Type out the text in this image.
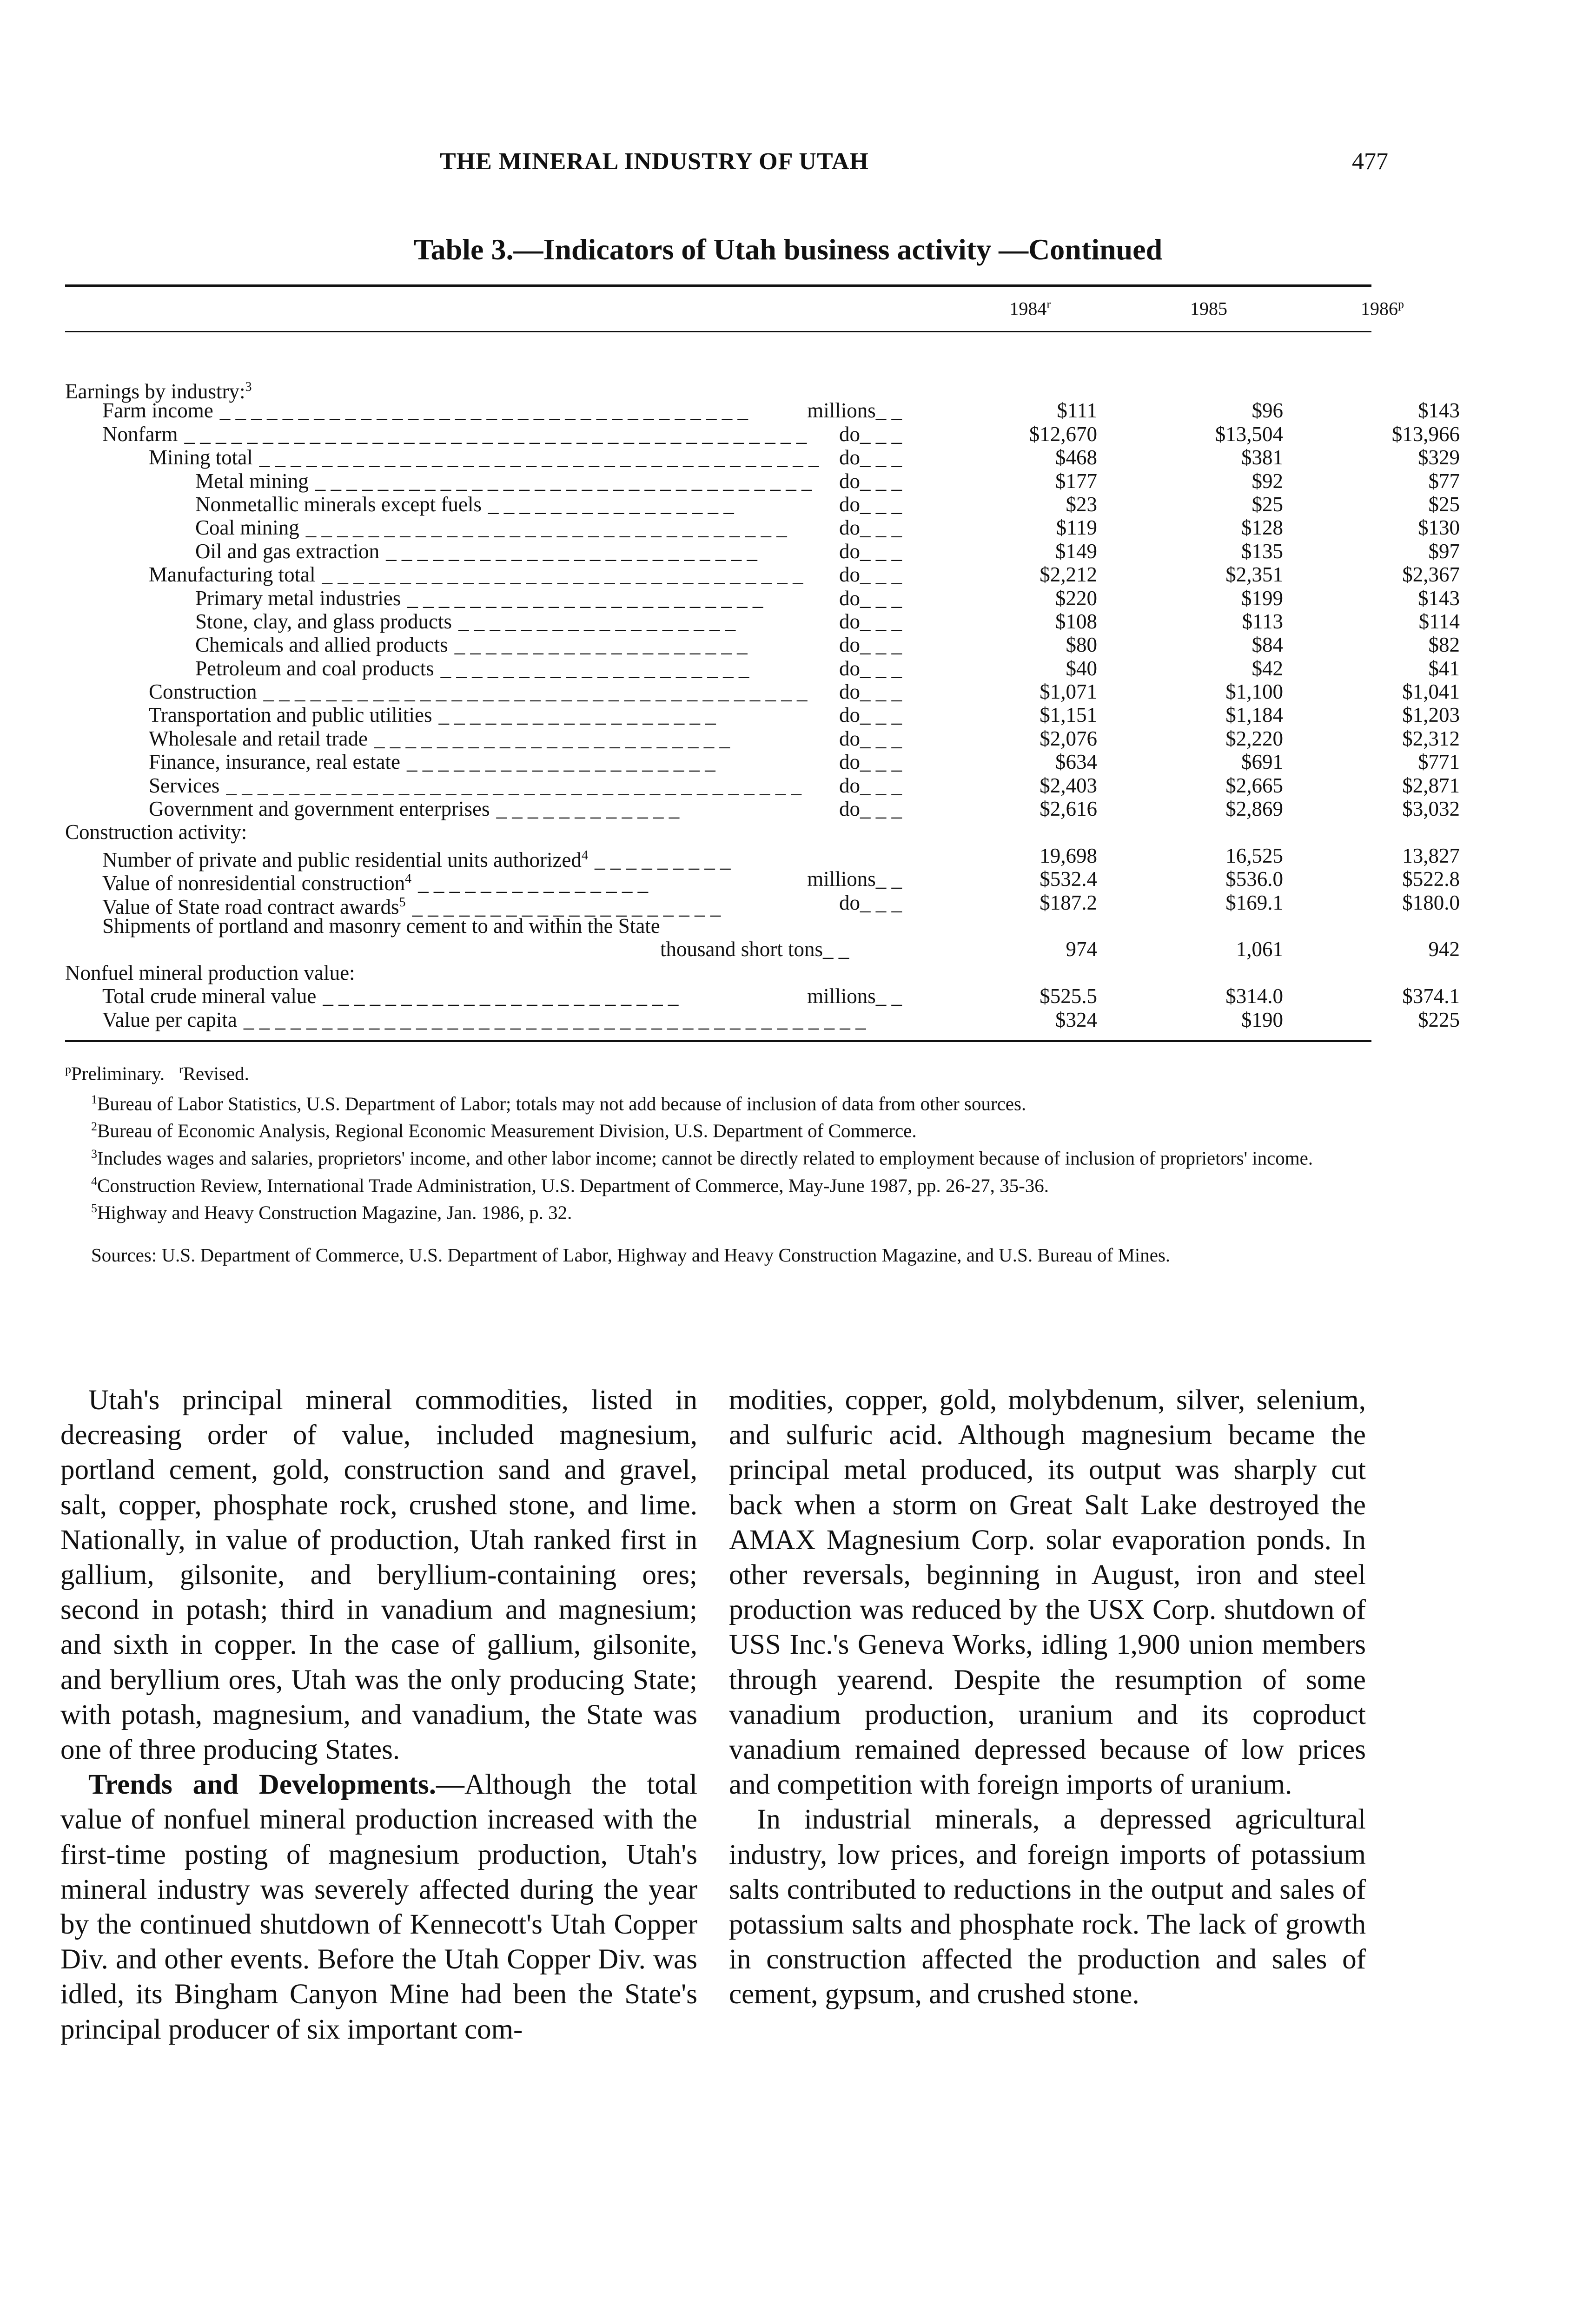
THE MINERAL INDUSTRY OF UTAH	477
Table 3.—Indicators of Utah business activity —Continued
1984$^r$	1985	1986$^p$
Earnings by industry:$^3$
Farm income _ _ _ _ _ _ _ _ _ _ _ _ _ _ _ _ _ _ _ _ _ _ _ _ _ _ _ _ _ _ _ _ _ _	millions_ _	$111	$96	$143
Nonfarm _ _ _ _ _ _ _ _ _ _ _ _ _ _ _ _ _ _ _ _ _ _ _ _ _ _ _ _ _ _ _ _ _ _ _ _ _ _ _ _ do_ _ _	$12,670	$13,504	$13,966
Mining total _ _ _ _ _ _ _ _ _ _ _ _ _ _ _ _ _ _ _ _ _ _ _ _ _ _ _ _ _ _ _ _ _ _ _ _ do_ _ _	$468	$381	$329
Metal mining _ _ _ _ _ _ _ _ _ _ _ _ _ _ _ _ _ _ _ _ _ _ _ _ _ _ _ _ _ _ _ _ do_ _ _	$177	$92	$77
Nonmetallic minerals except fuels _ _ _ _ _ _ _ _ _ _ _ _ _ _ _ _	do_ _ _	$23	$25	$25
Coal mining _ _ _ _ _ _ _ _ _ _ _ _ _ _ _ _ _ _ _ _ _ _ _ _ _ _ _ _ _ _ _ do_ _ _	$119	$128	$130
Oil and gas extraction _ _ _ _ _ _ _ _ _ _ _ _ _ _ _ _ _ _ _ _ _ _ _ _	do_ _ _	$149	$135	$97
Manufacturing total _ _ _ _ _ _ _ _ _ _ _ _ _ _ _ _ _ _ _ _ _ _ _ _ _ _ _ _ _ _ _ do_ _ _	$2,212	$2,351	$2,367
Primary metal industries _ _ _ _ _ _ _ _ _ _ _ _ _ _ _ _ _ _ _ _ _ _ _	do_ _ _	$220	$199	$143
Stone, clay, and glass products _ _ _ _ _ _ _ _ _ _ _ _ _ _ _ _ _ _	do_ _ _	$108	$113	$114
Chemicals and allied products _ _ _ _ _ _ _ _ _ _ _ _ _ _ _ _ _ _ _	do_ _ _	$80	$84	$82
Petroleum and coal products _ _ _ _ _ _ _ _ _ _ _ _ _ _ _ _ _ _ _ _	do_ _ _	$40	$42	$41
Construction _ _ _ _ _ _ _ _ _ _ _ _ _ _ _ _ _ _ _ _ _ _ _ _ _ _ _ _ _ _ _ _ _ _ _ do_ _ _	$1,071	$1,100	$1,041
Transportation and public utilities _ _ _ _ _ _ _ _ _ _ _ _ _ _ _ _ _ _	do_ _ _	$1,151	$1,184	$1,203
Wholesale and retail trade _ _ _ _ _ _ _ _ _ _ _ _ _ _ _ _ _ _ _ _ _ _ _	do_ _ _	$2,076	$2,220	$2,312
Finance, insurance, real estate _ _ _ _ _ _ _ _ _ _ _ _ _ _ _ _ _ _ _ _	do_ _ _	$634	$691	$771
Services _ _ _ _ _ _ _ _ _ _ _ _ _ _ _ _ _ _ _ _ _ _ _ _ _ _ _ _ _ _ _ _ _ _ _ _ _ do_ _ _	$2,403	$2,665	$2,871
Government and government enterprises _ _ _ _ _ _ _ _ _ _ _ _	do_ _ _	$2,616	$2,869	$3,032
Construction activity:
Number of private and public residential units authorized$^4$ _ _ _ _ _ _ _ _ _	19,698	16,525	13,827
Value of nonresidential construction$^4$ _ _ _ _ _ _ _ _ _ _ _ _ _ _ _	millions_ _	$532.4	$536.0	$522.8
Value of State road contract awards$^5$ _ _ _ _ _ _ _ _ _ _ _ _ _ _ _ _ _ _ _ _	do_ _ _	$187.2	$169.1	$180.0
Shipments of portland and masonry cement to and within the State
thousand short tons_ _	974	1,061	942
Nonfuel mineral production value:
Total crude mineral value _ _ _ _ _ _ _ _ _ _ _ _ _ _ _ _ _ _ _ _ _ _ _	millions_ _	$525.5	$314.0	$374.1
Value per capita _ _ _ _ _ _ _ _ _ _ _ _ _ _ _ _ _ _ _ _ _ _ _ _ _ _ _ _ _ _ _ _ _ _ _ _ _ _ _ _	$324	$190	$225

$^p$Preliminary. $^r$Revised.

$^1$Bureau of Labor Statistics, U.S. Department of Labor; totals may not add because of inclusion of data from other sources.

$^2$Bureau of Economic Analysis, Regional Economic Measurement Division, U.S. Department of Commerce.

$^3$Includes wages and salaries, proprietors' income, and other labor income; cannot be directly related to employment because of inclusion of proprietors' income.

$^4$Construction Review, International Trade Administration, U.S. Department of Commerce, May-June 1987, pp. 26-27, 35-36.

$^5$Highway and Heavy Construction Magazine, Jan. 1986, p. 32.

Sources: U.S. Department of Commerce, U.S. Department of Labor, Highway and Heavy Construction Magazine, and U.S. Bureau of Mines.

Utah's principal mineral commodities, listed in decreasing order of value, included magnesium, portland cement, gold, construction sand and gravel, salt, copper, phosphate rock, crushed stone, and lime. Nationally, in value of production, Utah ranked first in gallium, gilsonite, and beryllium-containing ores; second in potash; third in vanadium and magnesium; and sixth in copper. In the case of gallium, gilsonite, and beryllium ores, Utah was the only producing State; with potash, magnesium, and vanadium, the State was one of three producing States.

Trends and Developments.—Although the total value of nonfuel mineral production increased with the first-time posting of magnesium production, Utah's mineral industry was severely affected during the year by the continued shutdown of Kennecott's Utah Copper Div. and other events. Before the Utah Copper Div. was idled, its Bingham Canyon Mine had been the State's principal producer of six important com-

modities, copper, gold, molybdenum, silver, selenium, and sulfuric acid. Although magnesium became the principal metal produced, its output was sharply cut back when a storm on Great Salt Lake destroyed the AMAX Magnesium Corp. solar evaporation ponds. In other reversals, beginning in August, iron and steel production was reduced by the USX Corp. shutdown of USS Inc.'s Geneva Works, idling 1,900 union members through yearend. Despite the resumption of some vanadium production, uranium and its coproduct vanadium remained depressed because of low prices and competition with foreign imports of uranium.

In industrial minerals, a depressed agricultural industry, low prices, and foreign imports of potassium salts contributed to reductions in the output and sales of potassium salts and phosphate rock. The lack of growth in construction affected the production and sales of cement, gypsum, and crushed stone.
